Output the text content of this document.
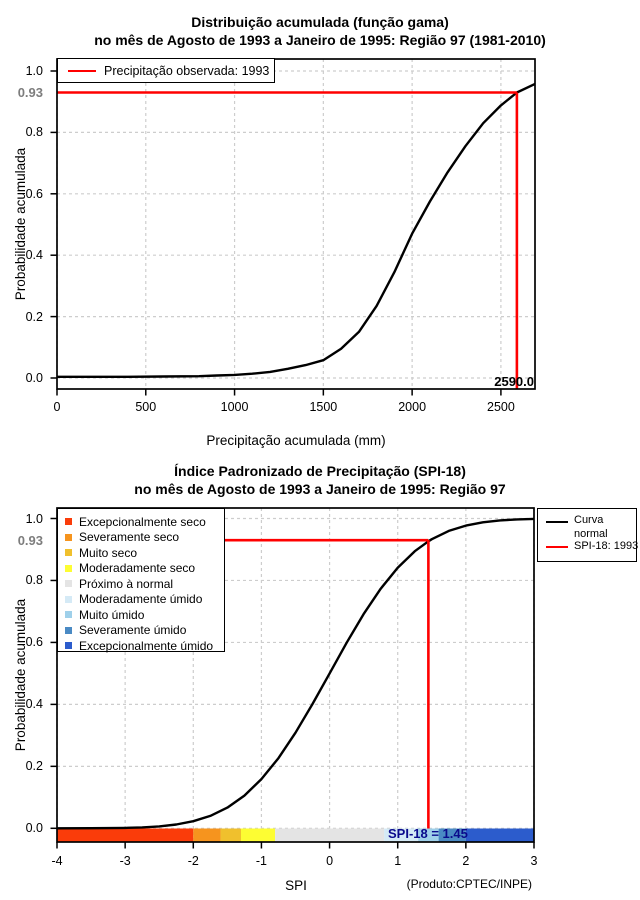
Distribuição acumulada (função gama)
no mês de Agosto de 1993 a Janeiro de 1995: Região 97 (1981-2010)
Probabilidade acumulada
Precipitação acumulada (mm)
0.93
2590.0
0.0
0.2
0.4
0.6
0.8
1.0
0	500	1000	1500	2000	2500
Precipitação observada: 1993
Índice Padronizado de Precipitação (SPI-18)
no mês de Agosto de 1993 a Janeiro de 1995: Região 97
Probabilidade acumulada
SPI
0.93
SPI-18 = 1.45
(Produto:CPTEC/INPE)
0.0
0.2
0.4
0.6
0.8
1.0
-4	-3	-2	-1	0	1	2	3
Excepcionalmente seco
Severamente seco
Muito seco
Moderadamente seco
Próximo à normal
Moderadamente úmido
Muito úmido
Severamente úmido
Excepcionalmente úmido
Curva normal
SPI-18: 1993
